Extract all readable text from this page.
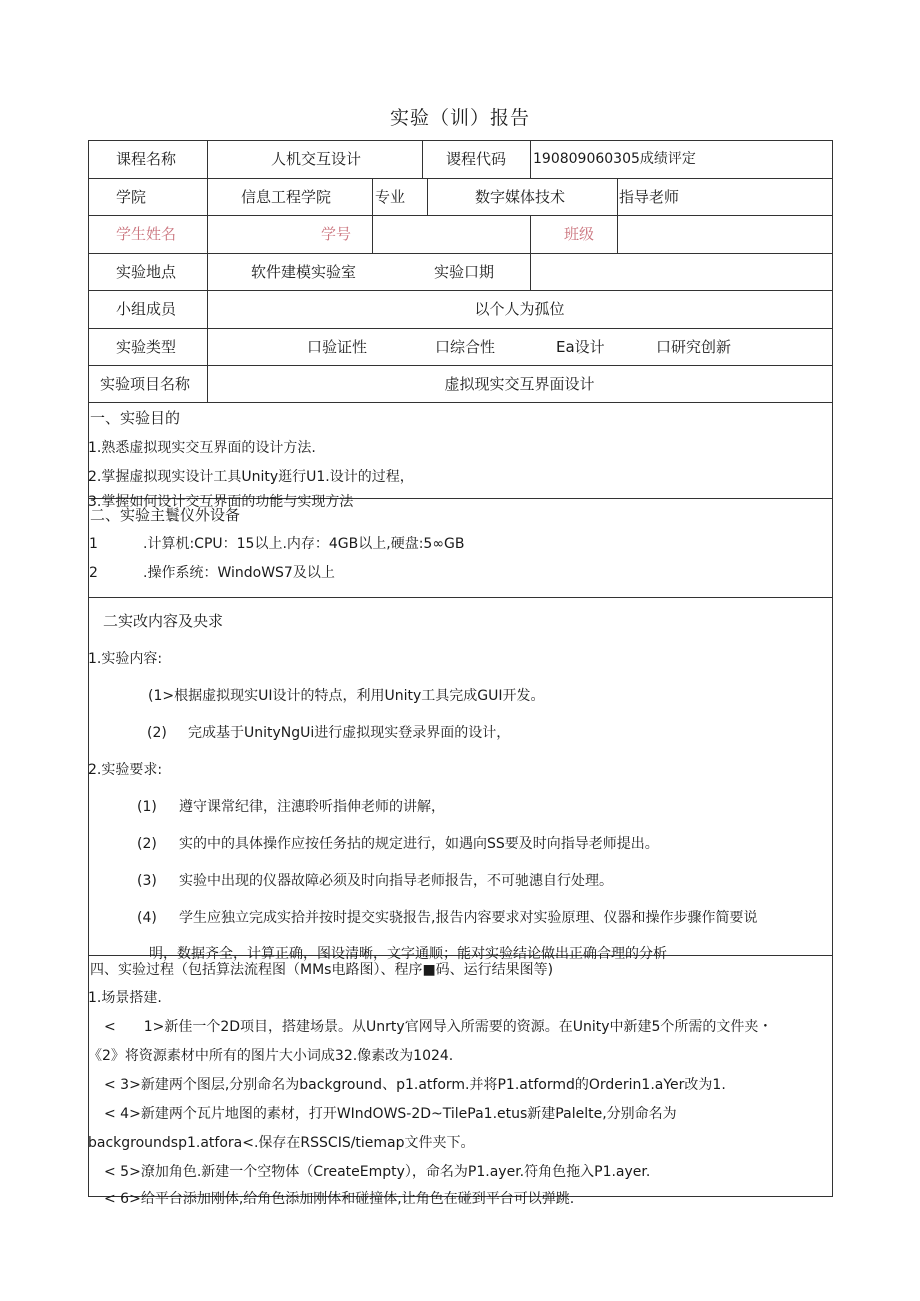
实验（训）报告
课程名称	人机交互设计	谡程代码 190809060305成绩评定
学院	信息工程学院	专业	数字媒体技术	指导老师
学生姓名	学号	班级
实验地点	软件建模实验室	实验口期
小组成员	以个人为孤位
实验类型	口验证性	口综合性	Ea设计	口研究创新
实验项目名称	虚拟现实交互界面设计
一、实验目的
1.熟悉虚拟现实交互界面的设计方法.
2.掌握虚拟现实设计工具Unity逛行U1.设计的过程，
3.掌握如何设计交互界面的功能与实现方法
二、实验主鬟仪外设备
1	.计算机:CPU：15以上.内存：4GB以上,硬盘:5∞GB
2	.操作系统：WindoWS7及以上
二实改内容及央求
1.实验内容:
(1>根据虚拟现实UI设计的特点，利用Unity工具完成GUI开发。
(2) 完成基于UnityNgUi进行虚拟现实登录界面的设计，
2.实验要求:
(1) 遵守课常纪律，注潓聆听指伸老师的讲解，
(2) 实的中的具体操作应按任务拈的规定进行，如遇向SS要及时向指导老师提出。
(3) 实验中出现的仪器故障必须及时向指导老师报告，不可驰潓自行处理。
(4) 学生应独立完成实拾并按时提交实骁报告,报告内容要求对实验原理、仪器和操作步骤作简要说
明，数据齐全，计算正确，图设清晰，文字通顺；能对实验结论做出正确合理的分析
四、实验过程（包括算法流程图（MMs电路图）、程序■码、运行结果图等)
1.场景搭建.
<　　1>新佳一个2D项目，搭建场景。从Unrty官网导入所需要的资源。在Unity中新建5个所需的文件夹・
《2》将资源素材中所有的图片大小词成32.像素改为1024.
< 3>新建两个图层,分别命名为background、p1.atform.并将P1.atformd的Orderin1.aYer改为1.
< 4>新建两个瓦片地图的素材，打开WIndOWS-2D~TilePa1.etus新建Palelte,分别命名为
backgroundsp1.atfora<.保存在RSSCIS/tiemap文件夹下。
< 5>潦加角色.新建一个空物体（CreateEmpty），命名为P1.ayer.符角色拖入P1.ayer.
< 6>给平台添加刚体,给角色添加刚体和碰撞体,让角色在碰到平台可以弹跳.
